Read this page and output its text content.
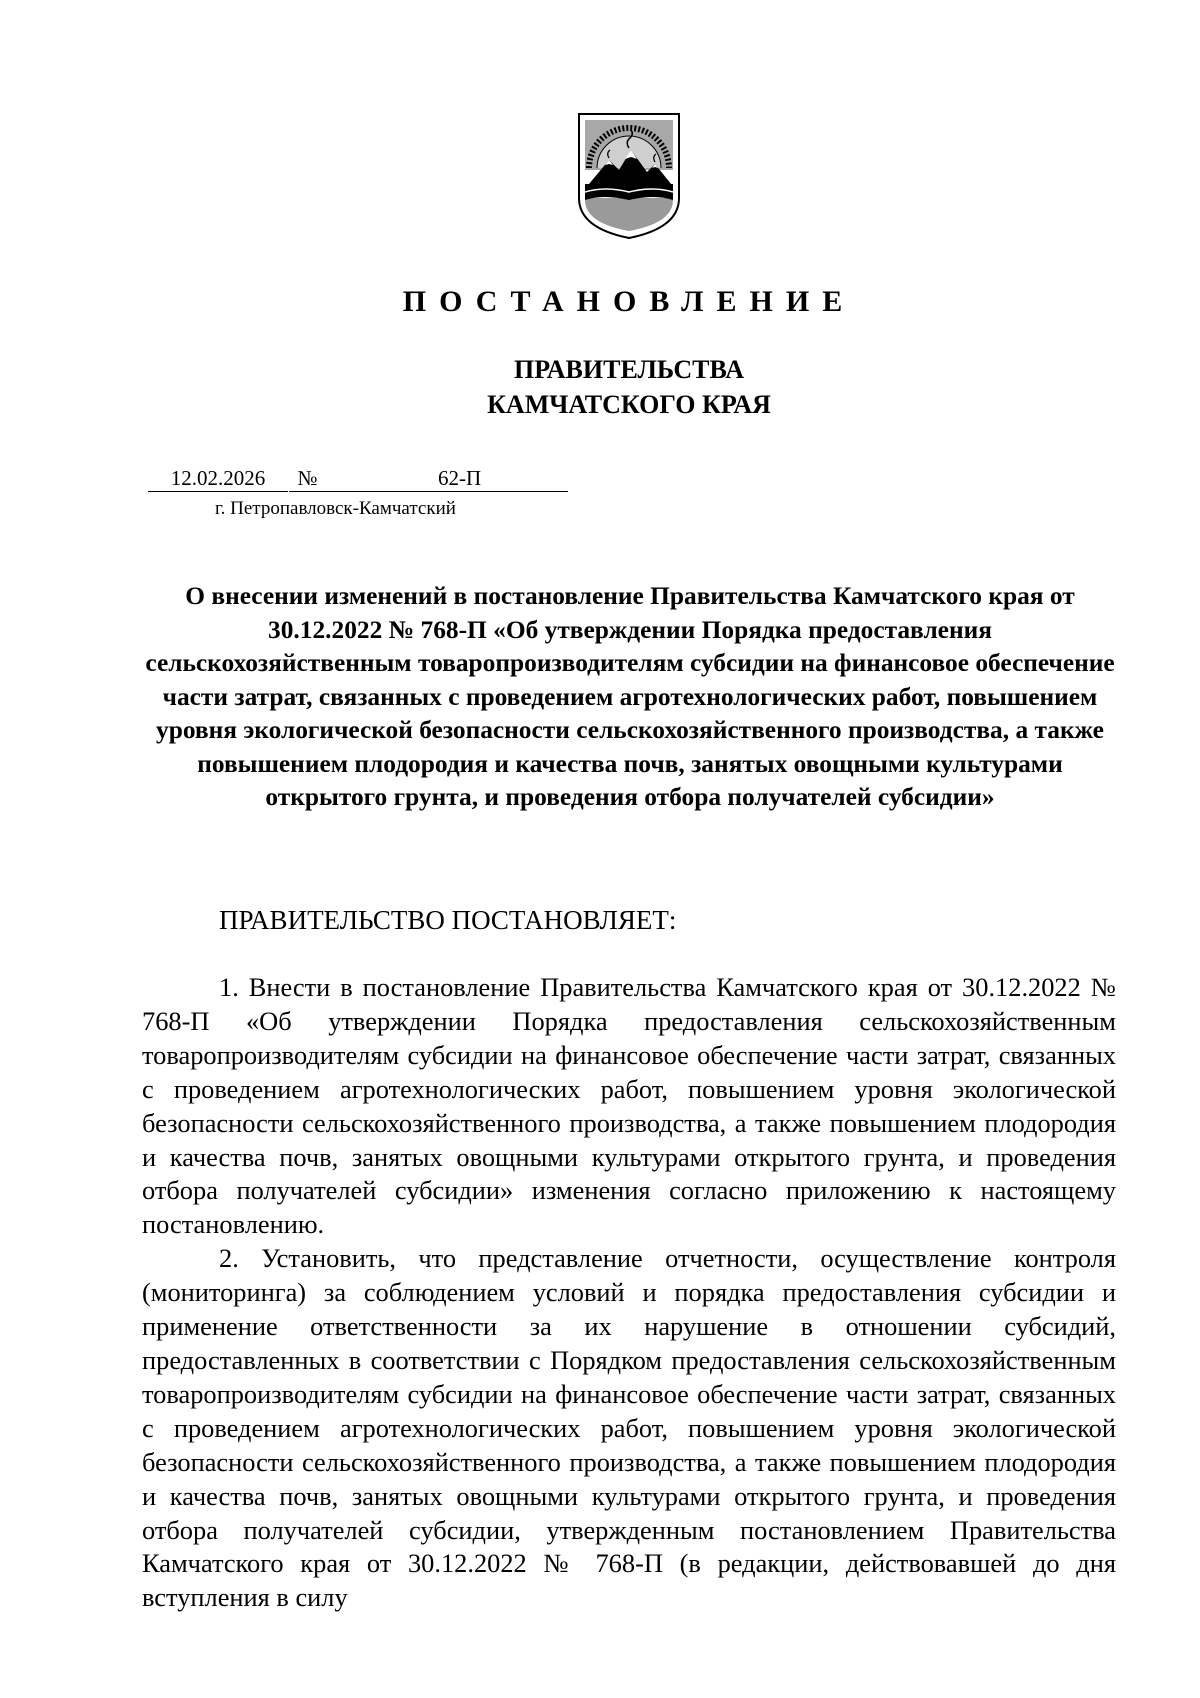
ПОСТАНОВЛЕНИЕ
ПРАВИТЕЛЬСТВА
КАМЧАТСКОГО КРАЯ
12.02.2026	№	62-П
г. Петропавловск-Камчатский
О внесении изменений в постановление Правительства Камчатского края от 30.12.2022 № 768-П «Об утверждении Порядка предоставления сельскохозяйственным товаропроизводителям субсидии на финансовое обеспечение части затрат, связанных с проведением агротехнологических работ, повышением уровня экологической безопасности сельскохозяйственного производства, а также повышением плодородия и качества почв, занятых овощными культурами открытого грунта, и проведения отбора получателей субсидии»
ПРАВИТЕЛЬСТВО ПОСТАНОВЛЯЕТ:

1. Внести в постановление Правительства Камчатского края от 30.12.2022 № 768-П «Об утверждении Порядка предоставления сельскохозяйственным товаропроизводителям субсидии на финансовое обеспечение части затрат, связанных с проведением агротехнологических работ, повышением уровня экологической безопасности сельскохозяйственного производства, а также повышением плодородия и качества почв, занятых овощными культурами открытого грунта, и проведения отбора получателей субсидии» изменения согласно приложению к настоящему постановлению.

2. Установить, что представление отчетности, осуществление контроля (мониторинга) за соблюдением условий и порядка предоставления субсидии и применение ответственности за их нарушение в отношении субсидий, предоставленных в соответствии с Порядком предоставления сельскохозяйственным товаропроизводителям субсидии на финансовое обеспечение части затрат, связанных с проведением агротехнологических работ, повышением уровня экологической безопасности сельскохозяйственного производства, а также повышением плодородия и качества почв, занятых овощными культурами открытого грунта, и проведения отбора получателей субсидии, утвержденным постановлением Правительства Камчатского края от 30.12.2022 № 768-П (в редакции, действовавшей до дня вступления в силу
